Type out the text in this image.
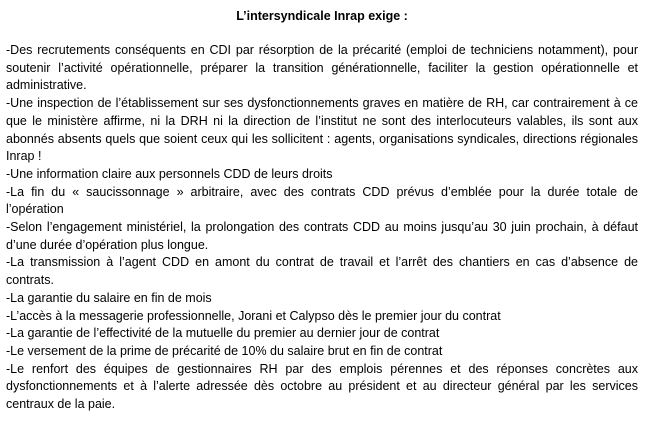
L’intersyndicale Inrap exige :

-Des recrutements conséquents en CDI par résorption de la précarité (emploi de techniciens notamment), pour soutenir l’activité opérationnelle, préparer la transition générationnelle, faciliter la gestion opérationnelle et administrative.

-Une inspection de l’établissement sur ses dysfonctionnements graves en matière de RH, car contrairement à ce que le ministère affirme, ni la DRH ni la direction de l’institut ne sont des interlocuteurs valables, ils sont aux abonnés absents quels que soient ceux qui les sollicitent : agents, organisations syndicales, directions régionales Inrap !

-Une information claire aux personnels CDD de leurs droits

-La fin du « saucissonnage » arbitraire, avec des contrats CDD prévus d’emblée pour la durée totale de l’opération

-Selon l’engagement ministériel, la prolongation des contrats CDD au moins jusqu’au 30 juin prochain, à défaut d’une durée d’opération plus longue.

-La transmission à l’agent CDD en amont du contrat de travail et l’arrêt des chantiers en cas d’absence de contrats.

-La garantie du salaire en fin de mois

-L’accès à la messagerie professionnelle, Jorani et Calypso dès le premier jour du contrat

-La garantie de l’effectivité de la mutuelle du premier au dernier jour de contrat

-Le versement de la prime de précarité de 10% du salaire brut en fin de contrat

-Le renfort des équipes de gestionnaires RH par des emplois pérennes et des réponses concrètes aux dysfonctionnements et à l’alerte adressée dès octobre au président et au directeur général par les services centraux de la paie.
